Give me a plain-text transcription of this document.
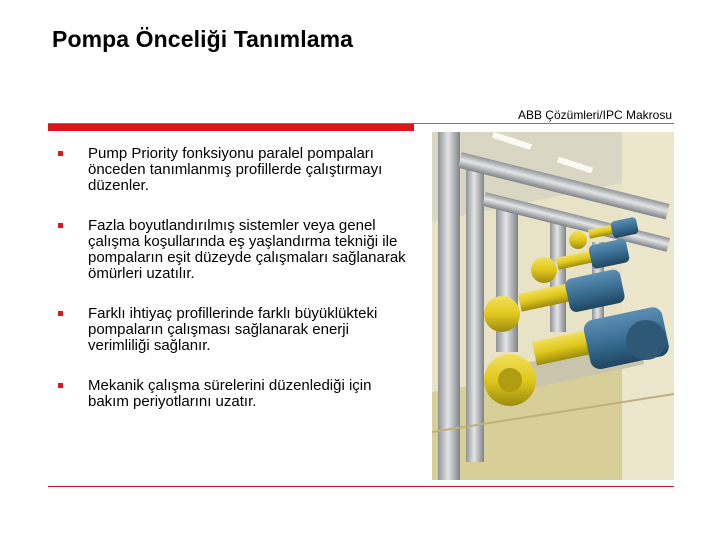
Pompa Önceliği Tanımlama
ABB Çözümleri/IPC Makrosu
Pump Priority fonksiyonu paralel pompaları önceden tanımlanmış profillerde çalıştırmayı düzenler.
Fazla boyutlandırılmış sistemler veya genel çalışma koşullarında eş yaşlandırma tekniği ile pompaların eşit düzeyde çalışmaları sağlanarak ömürleri uzatılır.
Farklı ihtiyaç profillerinde farklı büyüklükteki pompaların çalışması sağlanarak enerji verimliliği sağlanır.
Mekanik çalışma sürelerini düzenlediği için bakım periyotlarını uzatır.
